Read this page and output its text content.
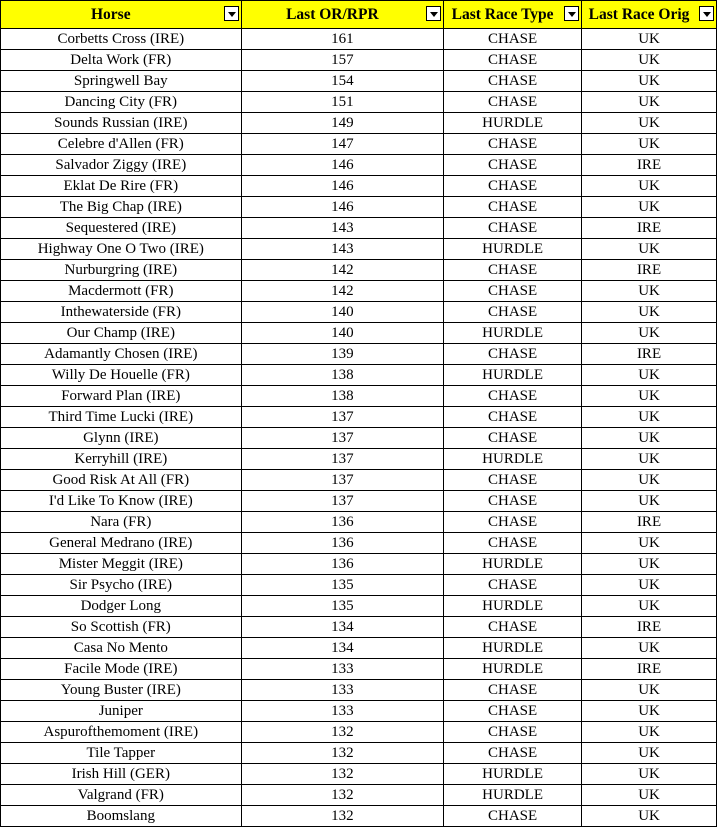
Horse	Last OR/RPR	Last Race Type	Last Race Orig

Corbetts Cross (IRE)	161	CHASE	UK
Delta Work (FR)	157	CHASE	UK
Springwell Bay	154	CHASE	UK
Dancing City (FR)	151	CHASE	UK
Sounds Russian (IRE)	149	HURDLE	UK
Celebre d'Allen (FR)	147	CHASE	UK
Salvador Ziggy (IRE)	146	CHASE	IRE
Eklat De Rire (FR)	146	CHASE	UK
The Big Chap (IRE)	146	CHASE	UK
Sequestered (IRE)	143	CHASE	IRE
Highway One O Two (IRE)	143	HURDLE	UK
Nurburgring (IRE)	142	CHASE	IRE
Macdermott (FR)	142	CHASE	UK
Inthewaterside (FR)	140	CHASE	UK
Our Champ (IRE)	140	HURDLE	UK
Adamantly Chosen (IRE)	139	CHASE	IRE
Willy De Houelle (FR)	138	HURDLE	UK
Forward Plan (IRE)	138	CHASE	UK
Third Time Lucki (IRE)	137	CHASE	UK
Glynn (IRE)	137	CHASE	UK
Kerryhill (IRE)	137	HURDLE	UK
Good Risk At All (FR)	137	CHASE	UK
I'd Like To Know (IRE)	137	CHASE	UK
Nara (FR)	136	CHASE	IRE
General Medrano (IRE)	136	CHASE	UK
Mister Meggit (IRE)	136	HURDLE	UK
Sir Psycho (IRE)	135	CHASE	UK
Dodger Long	135	HURDLE	UK
So Scottish (FR)	134	CHASE	IRE
Casa No Mento	134	HURDLE	UK
Facile Mode (IRE)	133	HURDLE	IRE
Young Buster (IRE)	133	CHASE	UK
Juniper	133	CHASE	UK
Aspurofthemoment (IRE)	132	CHASE	UK
Tile Tapper	132	CHASE	UK
Irish Hill (GER)	132	HURDLE	UK
Valgrand (FR)	132	HURDLE	UK
Boomslang	132	CHASE	UK
